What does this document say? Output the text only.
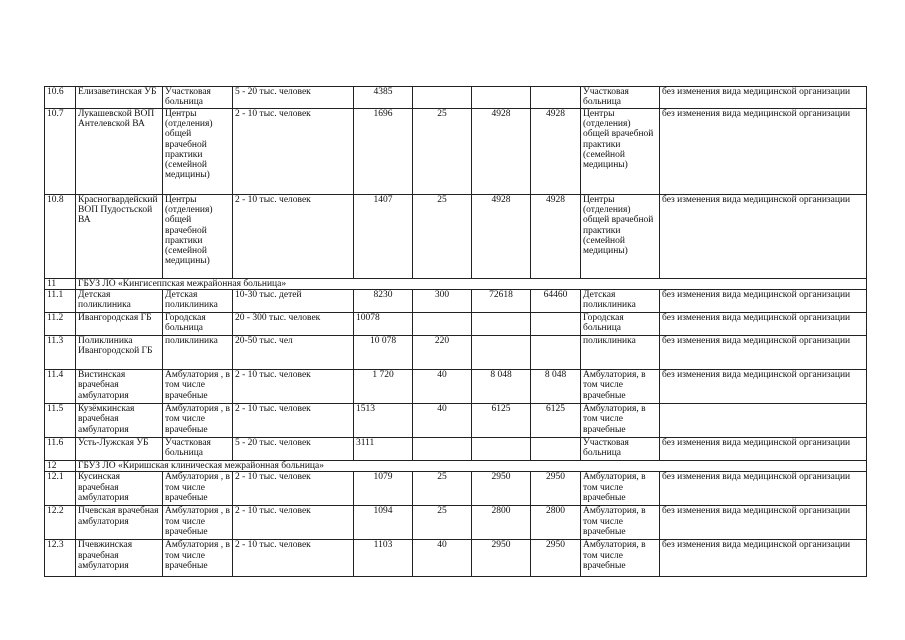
10.6	Елизаветинская УБ	Участковая больница	5 - 20 тыс. человек	4385				Участковая больница	без изменения вида медицинской организации
10.7	Лукашевской ВОП Антелевской ВА	Центры (отделения) общей врачебной практики (семейной медицины)	2 - 10 тыс. человек	1696	25	4928	4928	Центры (отделения) общей врачебной практики (семейной медицины)	без изменения вида медицинской организации
10.8	Красногвардейский ВОП Пудостьской ВА	Центры (отделения) общей врачебной практики (семейной медицины)	2 - 10 тыс. человек	1407	25	4928	4928	Центры (отделения) общей врачебной практики (семейной медицины)	без изменения вида медицинской организации
11	ГБУЗ ЛО «Кингисеппская межрайонная больница»								
11.1	Детская поликлиника	Детская поликлиника	10-30 тыс. детей	8230	300	72618	64460	Детская поликлиника	без изменения вида медицинской организации
11.2	Ивангородская ГБ	Городская больница	20 - 300 тыс. человек	10078				Городская больница	без изменения вида медицинской организации
11.3	Поликлиника Ивангородской ГБ	поликлиника	20-50 тыс. чел	10 078	220			поликлиника	без изменения вида медицинской организации
11.4	Вистинская врачебная амбулатория	Амбулатория , в том числе врачебные	2 - 10 тыс. человек	1 720	40	8 048	8 048	Амбулатория, в том числе врачебные	без изменения вида медицинской организации
11.5	Кузёмкинская врачебная амбулатория	Амбулатория , в том числе врачебные	2 - 10 тыс. человек	1513	40	6125	6125	Амбулатория, в том числе врачебные	
11.6	Усть-Лужская УБ	Участковая больница	5 - 20 тыс. человек	3111				Участковая больница	без изменения вида медицинской организации
12	ГБУЗ ЛО «Киришская клиническая межрайонная больница»								
12.1	Кусинская врачебная амбулатория	Амбулатория , в том числе врачебные	2 - 10 тыс. человек	1079	25	2950	2950	Амбулатория, в том числе врачебные	без изменения вида медицинской организации
12.2	Пчевская врачебная амбулатория	Амбулатория , в том числе врачебные	2 - 10 тыс. человек	1094	25	2800	2800	Амбулатория, в том числе врачебные	без изменения вида медицинской организации
12.3	Пчевжинская врачебная амбулатория	Амбулатория , в том числе врачебные	2 - 10 тыс. человек	1103	40	2950	2950	Амбулатория, в том числе врачебные	без изменения вида медицинской организации
